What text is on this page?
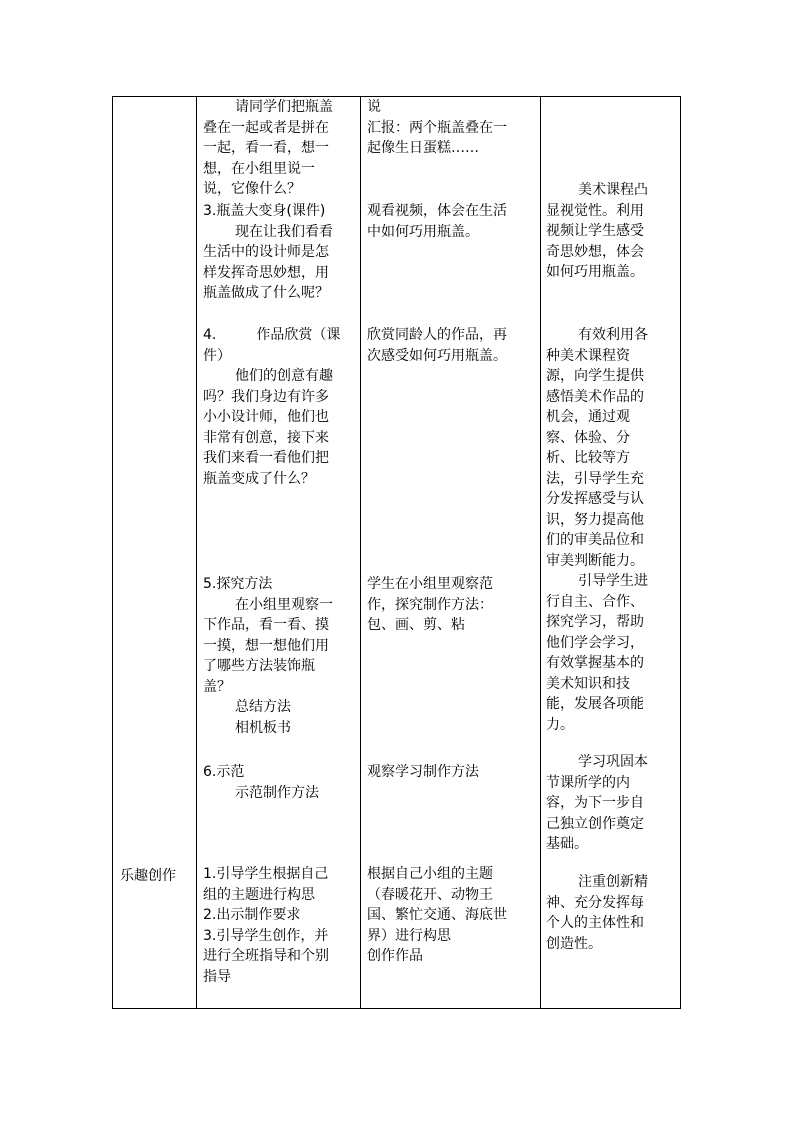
乐趣创作
请同学们把瓶盖
叠在一起或者是拼在
一起，看一看，想一
想，在小组里说一
说，它像什么？
3.瓶盖大变身(课件)
现在让我们看看
生活中的设计师是怎
样发挥奇思妙想，用
瓶盖做成了什么呢？
4.         作品欣赏（课
件）
他们的创意有趣
吗？我们身边有许多
小小设计师，他们也
非常有创意，接下来
我们来看一看他们把
瓶盖变成了什么？
5.探究方法
在小组里观察一
下作品，看一看、摸
一摸，想一想他们用
了哪些方法装饰瓶
盖？
总结方法
相机板书
6.示范
示范制作方法
1.引导学生根据自己
组的主题进行构思
2.出示制作要求
3.引导学生创作，并
进行全班指导和个别
指导
说
汇报：两个瓶盖叠在一
起像生日蛋糕……
观看视频，体会在生活
中如何巧用瓶盖。
欣赏同龄人的作品，再
次感受如何巧用瓶盖。
学生在小组里观察范
作，探究制作方法：
包、画、剪、粘
观察学习制作方法
根据自己小组的主题
（春暖花开、动物王
国、繁忙交通、海底世
界）进行构思
创作作品
美术课程凸
显视觉性。利用
视频让学生感受
奇思妙想，体会
如何巧用瓶盖。
有效利用各
种美术课程资
源，向学生提供
感悟美术作品的
机会，通过观
察、体验、分
析、比较等方
法，引导学生充
分发挥感受与认
识，努力提高他
们的审美品位和
审美判断能力。
引导学生进
行自主、合作、
探究学习，帮助
他们学会学习，
有效掌握基本的
美术知识和技
能，发展各项能
力。
学习巩固本
节课所学的内
容，为下一步自
己独立创作奠定
基础。
注重创新精
神、充分发挥每
个人的主体性和
创造性。
